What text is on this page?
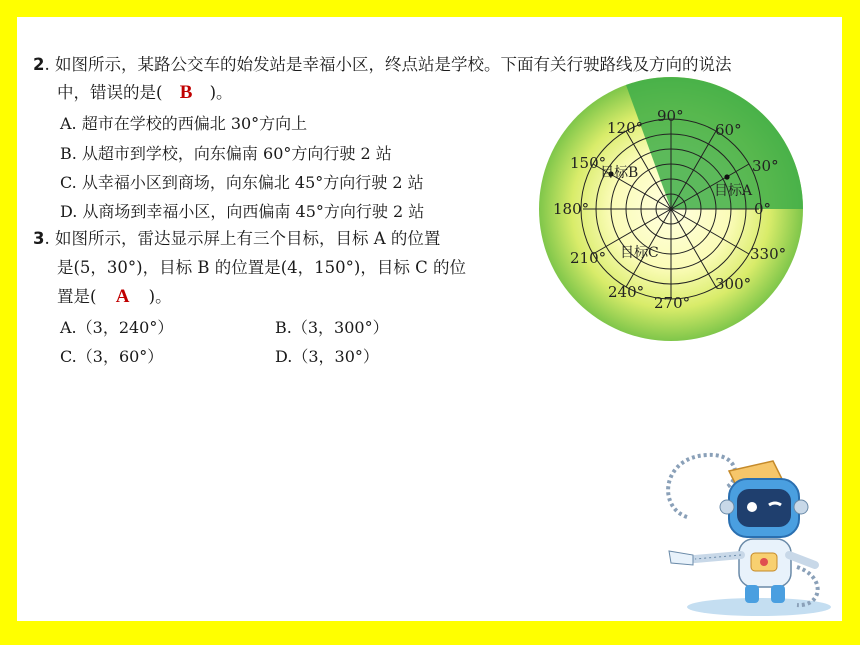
2. 如图所示，某路公交车的始发站是幸福小区，终点站是学校。下面有关行驶路线及方向的说法
中，错误的是( B )。
A. 超市在学校的西偏北 30°方向上
B. 从超市到学校，向东偏南 60°方向行驶 2 站
C. 从幸福小区到商场，向东偏北 45°方向行驶 2 站
D. 从商场到幸福小区，向西偏南 45°方向行驶 2 站
3. 如图所示，雷达显示屏上有三个目标，目标 A 的位置
是(5，30°)，目标 B 的位置是(4，150°)，目标 C 的位
置是( A )。
A.（3，240°）	B.（3，300°）
C.（3，60°）	D.（3，30°）
0°
30°
60°
90°
120°
150°
180°
210°
240°
270°
300°
330°
目标A
目标B
目标C
